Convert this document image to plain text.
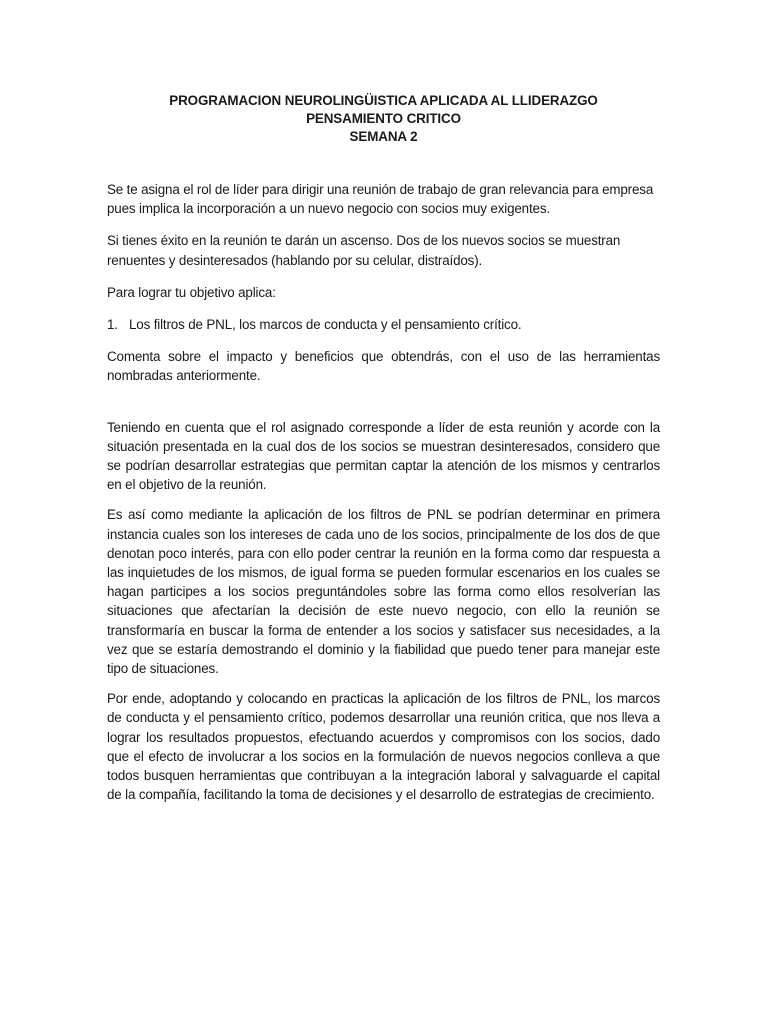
PROGRAMACION NEUROLINGÜISTICA APLICADA AL LLIDERAZGO
PENSAMIENTO CRITICO
SEMANA 2

Se te asigna el rol de líder para dirigir una reunión de trabajo de gran relevancia para empresa pues implica la incorporación a un nuevo negocio con socios muy exigentes.

Si tienes éxito en la reunión te darán un ascenso. Dos de los nuevos socios se muestran renuentes y desinteresados (hablando por su celular, distraídos).

Para lograr tu objetivo aplica:

1. Los filtros de PNL, los marcos de conducta y el pensamiento crítico.

Comenta sobre el impacto y beneficios que obtendrás, con el uso de las herramientas nombradas anteriormente.

Teniendo en cuenta que el rol asignado corresponde a líder de esta reunión y acorde con la situación presentada en la cual dos de los socios se muestran desinteresados, considero que se podrían desarrollar estrategias que permitan captar la atención de los mismos y centrarlos en el objetivo de la reunión.

Es así como mediante la aplicación de los filtros de PNL se podrían determinar en primera instancia cuales son los intereses de cada uno de los socios, principalmente de los dos de que denotan poco interés, para con ello poder centrar la reunión en la forma como dar respuesta a las inquietudes de los mismos, de igual forma se pueden formular escenarios en los cuales se hagan participes a los socios preguntándoles sobre las forma como ellos resolverían las situaciones que afectarían la decisión de este nuevo negocio, con ello la reunión se transformaría en buscar la forma de entender a los socios y satisfacer sus necesidades, a la vez que se estaría demostrando el dominio y la fiabilidad que puedo tener para manejar este tipo de situaciones.

Por ende, adoptando y colocando en practicas la aplicación de los filtros de PNL, los marcos de conducta y el pensamiento crítico, podemos desarrollar una reunión critica, que nos lleva a lograr los resultados propuestos, efectuando acuerdos y compromisos con los socios, dado que el efecto de involucrar a los socios en la formulación de nuevos negocios conlleva a que todos busquen herramientas que contribuyan a la integración laboral y salvaguarde el capital de la compañía, facilitando la toma de decisiones y el desarrollo de estrategias de crecimiento.
